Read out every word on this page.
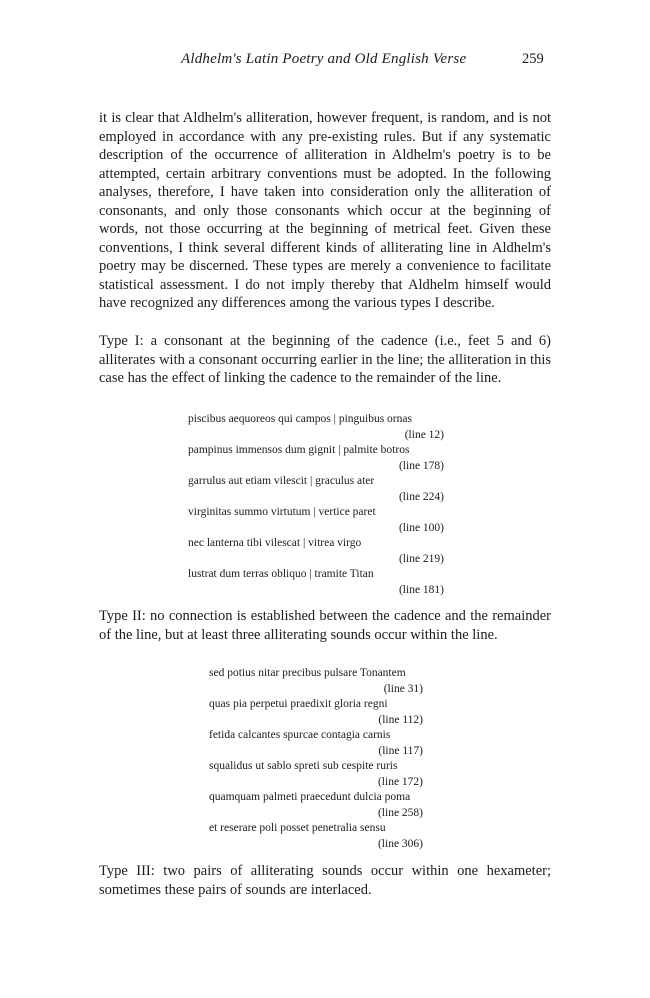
Aldhelm's Latin Poetry and Old English Verse	259

it is clear that Aldhelm's alliteration, however frequent, is random, and is not employed in accordance with any pre-existing rules. But if any systematic description of the occurrence of alliteration in Aldhelm's poetry is to be attempted, certain arbitrary conventions must be adopted. In the following analyses, therefore, I have taken into consideration only the alliteration of consonants, and only those consonants which occur at the beginning of words, not those occurring at the beginning of metrical feet. Given these conventions, I think several different kinds of alliterating line in Aldhelm's poetry may be discerned. These types are merely a convenience to facilitate statistical assessment. I do not imply thereby that Aldhelm himself would have recognized any differences among the various types I describe.

Type I: a consonant at the beginning of the cadence (i.e., feet 5 and 6) alliterates with a consonant occurring earlier in the line; the alliteration in this case has the effect of linking the cadence to the remainder of the line.

piscibus aequoreos qui campos | pinguibus ornas
(line 12)
pampinus immensos dum gignit | palmite botros
(line 178)
garrulus aut etiam vilescit | graculus ater
(line 224)
virginitas summo virtutum | vertice paret
(line 100)
nec lanterna tibi vilescat | vitrea virgo
(line 219)
lustrat dum terras obliquo | tramite Titan
(line 181)

Type II: no connection is established between the cadence and the remainder of the line, but at least three alliterating sounds occur within the line.

sed potius nitar precibus pulsare Tonantem
(line 31)
quas pia perpetui praedixit gloria regni
(line 112)
fetida calcantes spurcae contagia carnis
(line 117)
squalidus ut sablo spreti sub cespite ruris
(line 172)
quamquam palmeti praecedunt dulcia poma
(line 258)
et reserare poli posset penetralia sensu
(line 306)

Type III: two pairs of alliterating sounds occur within one hexameter; sometimes these pairs of sounds are interlaced.
